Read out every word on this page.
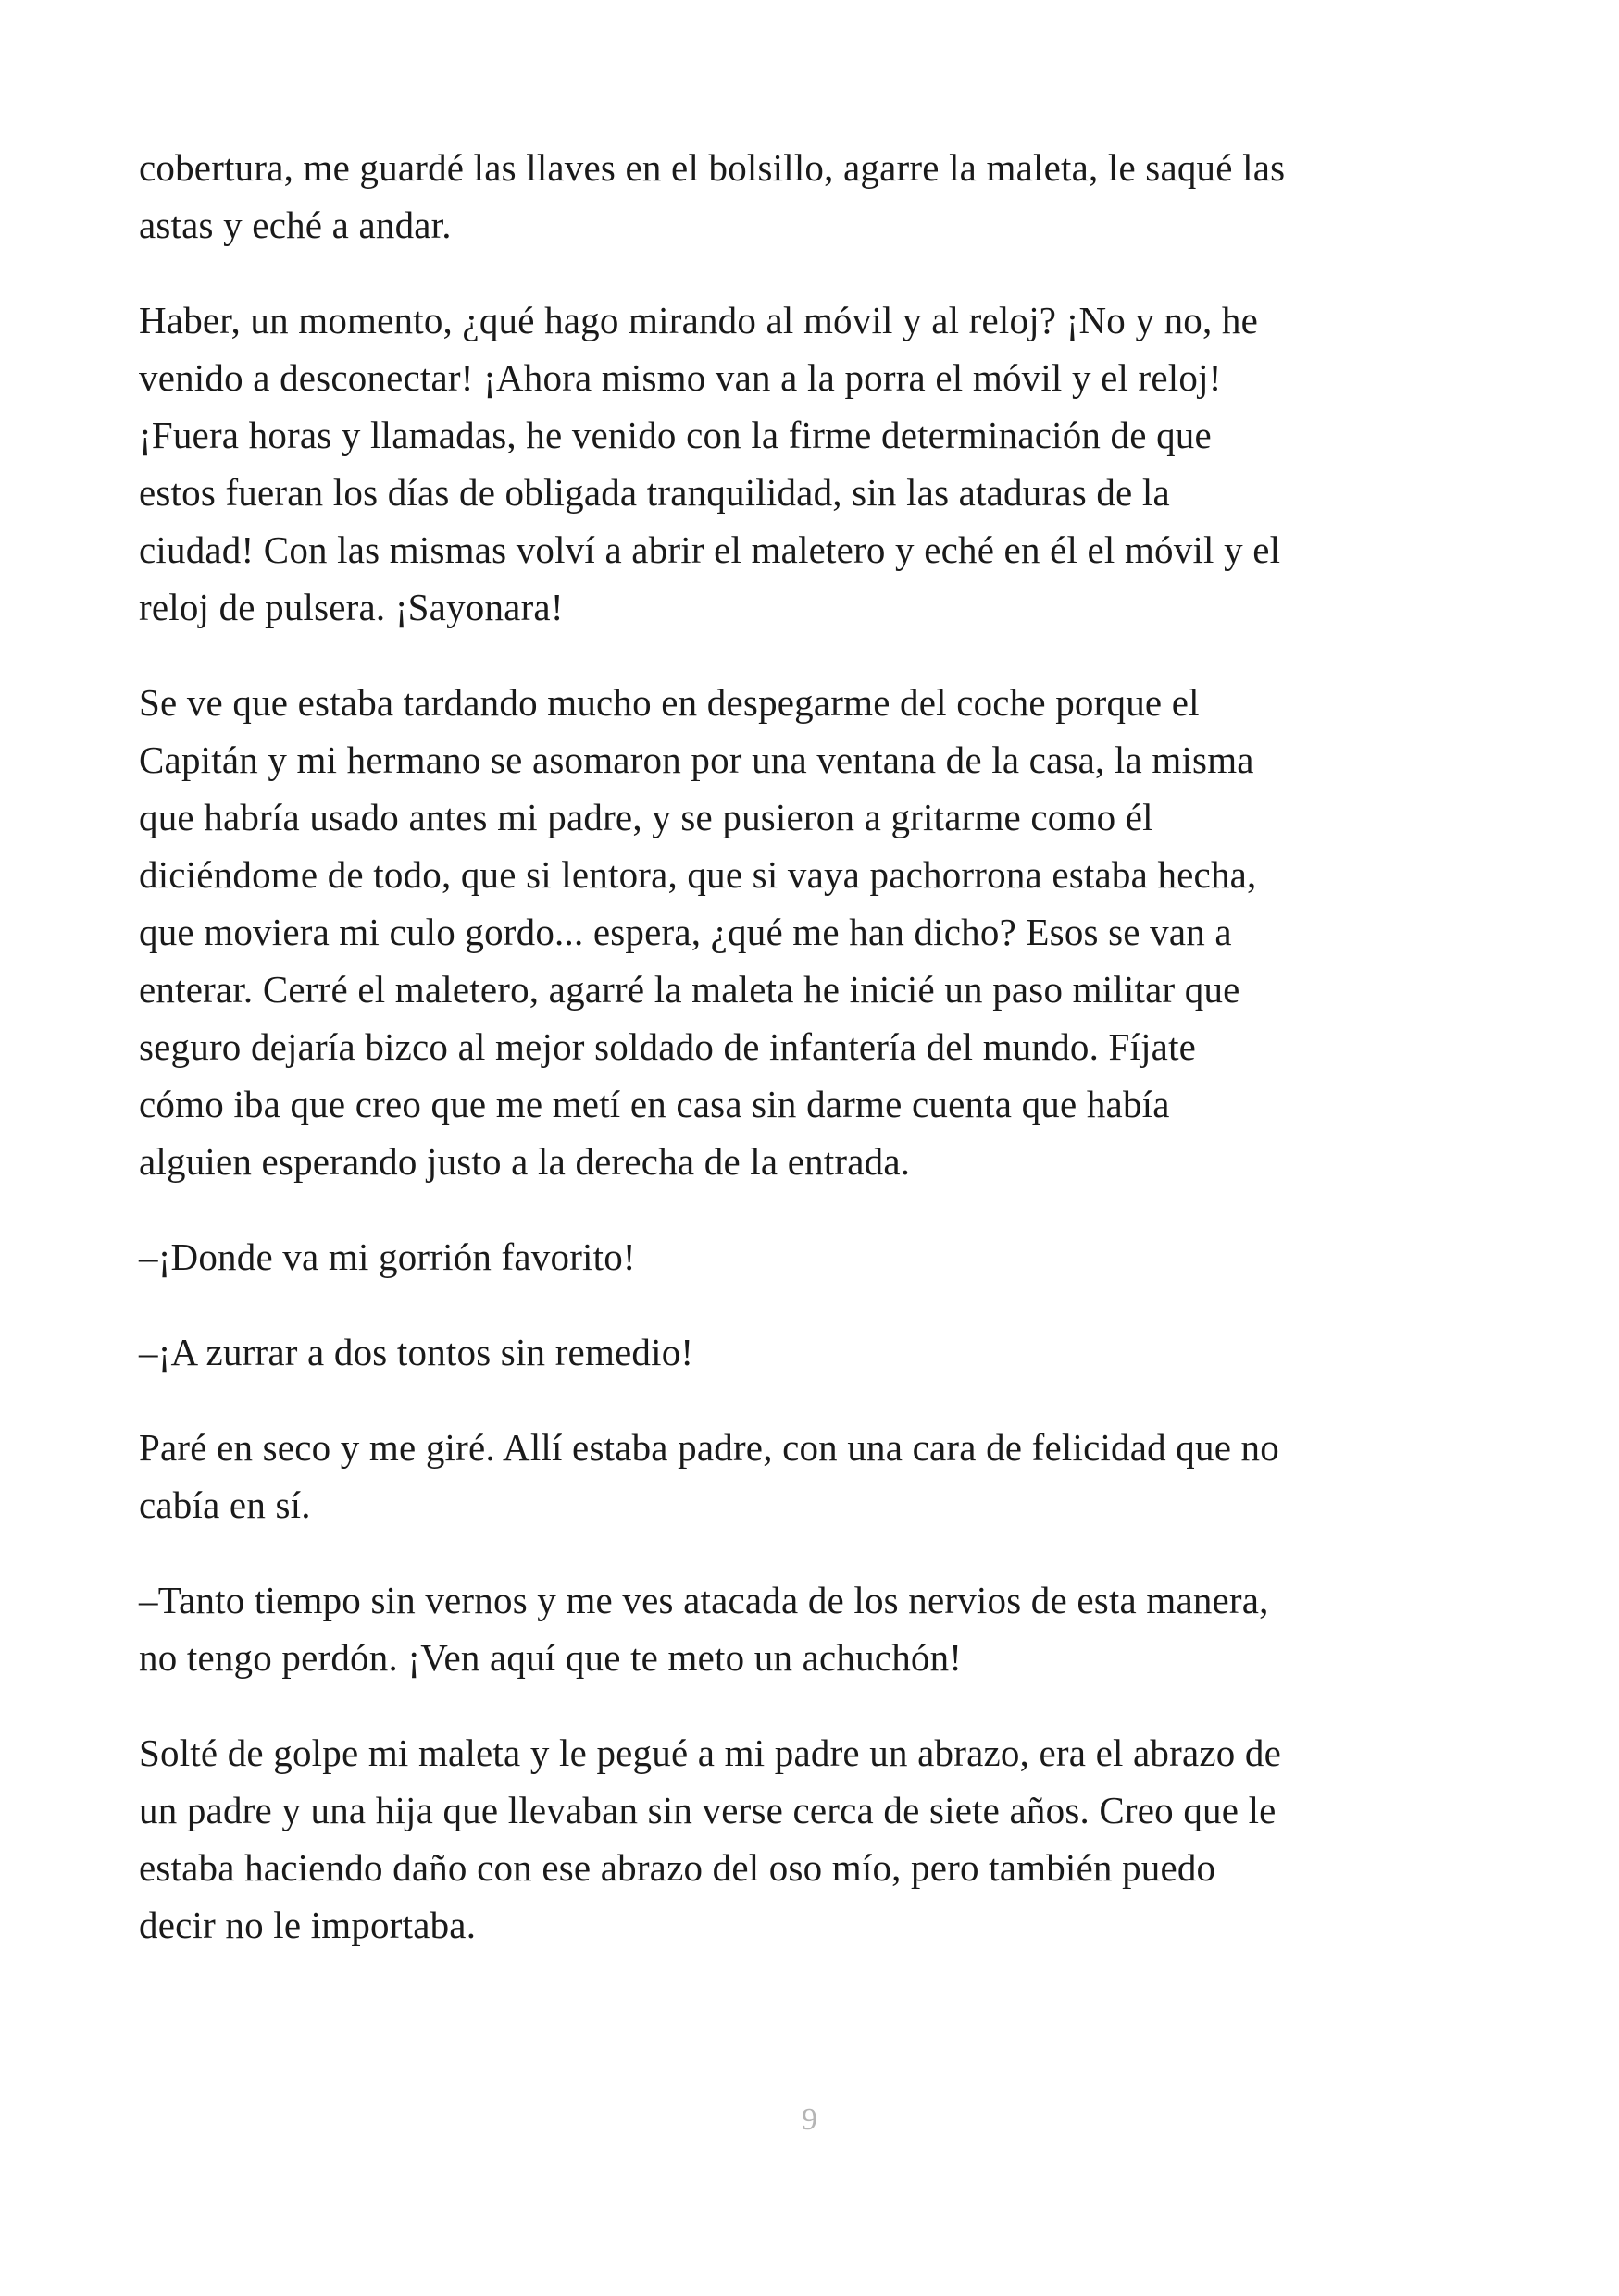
cobertura, me guardé las llaves en el bolsillo, agarre la maleta, le saqué las
astas y eché a andar.

Haber, un momento, ¿qué hago mirando al móvil y al reloj? ¡No y no, he
venido a desconectar! ¡Ahora mismo van a la porra el móvil y el reloj!
¡Fuera horas y llamadas, he venido con la firme determinación de que
estos fueran los días de obligada tranquilidad, sin las ataduras de la
ciudad! Con las mismas volví a abrir el maletero y eché en él el móvil y el
reloj de pulsera. ¡Sayonara!

Se ve que estaba tardando mucho en despegarme del coche porque el
Capitán y mi hermano se asomaron por una ventana de la casa, la misma
que habría usado antes mi padre, y se pusieron a gritarme como él
diciéndome de todo, que si lentora, que si vaya pachorrona estaba hecha,
que moviera mi culo gordo... espera, ¿qué me han dicho? Esos se van a
enterar. Cerré el maletero, agarré la maleta he inicié un paso militar que
seguro dejaría bizco al mejor soldado de infantería del mundo. Fíjate
cómo iba que creo que me metí en casa sin darme cuenta que había
alguien esperando justo a la derecha de la entrada.

–¡Donde va mi gorrión favorito!

–¡A zurrar a dos tontos sin remedio!

Paré en seco y me giré. Allí estaba padre, con una cara de felicidad que no
cabía en sí.

–Tanto tiempo sin vernos y me ves atacada de los nervios de esta manera,
no tengo perdón. ¡Ven aquí que te meto un achuchón!

Solté de golpe mi maleta y le pegué a mi padre un abrazo, era el abrazo de
un padre y una hija que llevaban sin verse cerca de siete años. Creo que le
estaba haciendo daño con ese abrazo del oso mío, pero también puedo
decir no le importaba.

9
